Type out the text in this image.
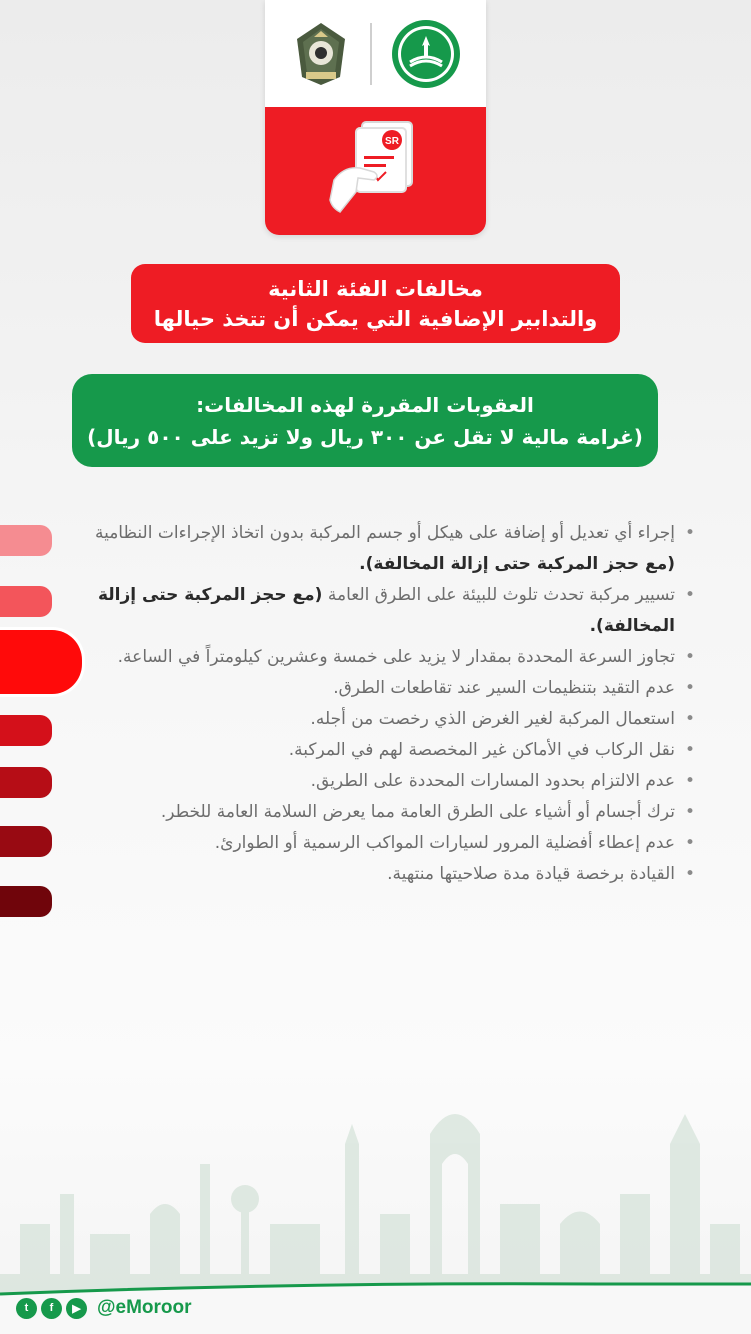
SR
مخالفات الفئة الثانية
والتدابير الإضافية التي يمكن أن تتخذ حيالها
العقوبات المقررة لهذه المخالفات:
(غرامة مالية لا تقل عن ٣٠٠ ريال ولا تزيد على ٥٠٠ ريال)
• إجراء أي تعديل أو إضافة على هيكل أو جسم المركبة بدون اتخاذ الإجراءات النظامية (مع حجز المركبة حتى إزالة المخالفة).
• تسيير مركبة تحدث تلوث للبيئة على الطرق العامة (مع حجز المركبة حتى إزالة المخالفة).
• تجاوز السرعة المحددة بمقدار لا يزيد على خمسة وعشرين كيلومتراً في الساعة.
• عدم التقيد بتنظيمات السير عند تقاطعات الطرق.
• استعمال المركبة لغير الغرض الذي رخصت من أجله.
• نقل الركاب في الأماكن غير المخصصة لهم في المركبة.
• عدم الالتزام بحدود المسارات المحددة على الطريق.
• ترك أجسام أو أشياء على الطرق العامة مما يعرض السلامة العامة للخطر.
• عدم إعطاء أفضلية المرور لسيارات المواكب الرسمية أو الطوارئ.
• القيادة برخصة قيادة مدة صلاحيتها منتهية.
t	f	▶ @eMoroor
